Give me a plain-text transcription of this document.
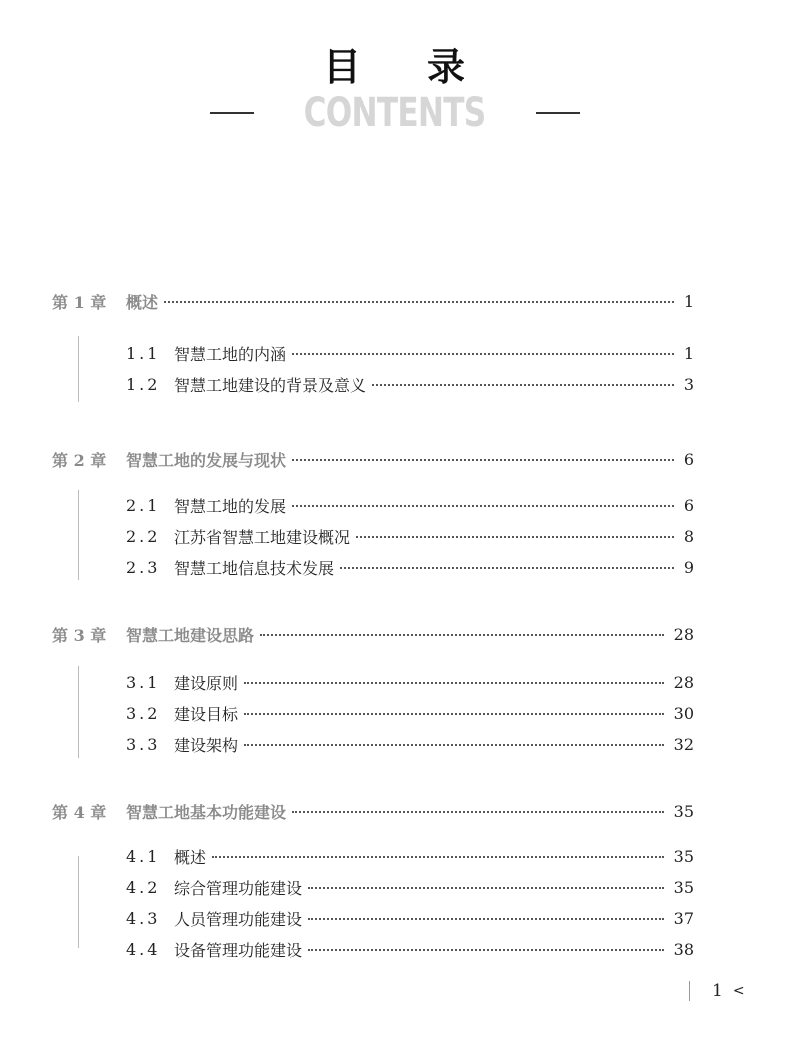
目 录
CONTENTS
第 1 章	概述	1
1.1 智慧工地的内涵	1
1.2 智慧工地建设的背景及意义	3
第 2 章	智慧工地的发展与现状	6
2.1 智慧工地的发展	6
2.2 江苏省智慧工地建设概况	8
2.3 智慧工地信息技术发展	9
第 3 章	智慧工地建设思路	28
3.1 建设原则	28
3.2 建设目标	30
3.3 建设架构	32
第 4 章	智慧工地基本功能建设	35
4.1 概述	35
4.2 综合管理功能建设	35
4.3 人员管理功能建设	37
4.4 设备管理功能建设	38
1 <
